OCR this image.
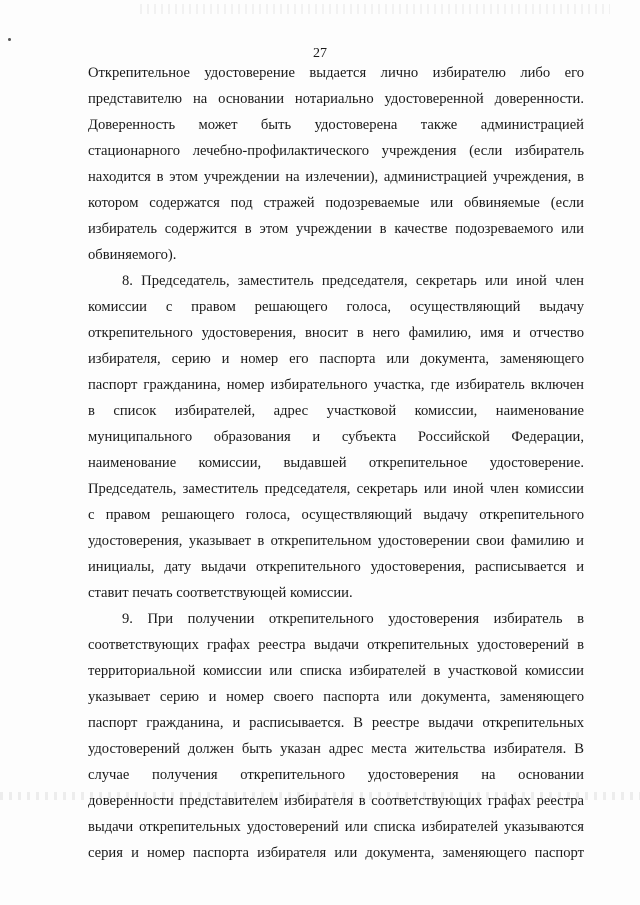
27
Открепительное удостоверение выдается лично избирателю либо его
представителю на основании нотариально удостоверенной доверенности.
Доверенность может быть удостоверена также администрацией
стационарного лечебно-профилактического учреждения (если избиратель
находится в этом учреждении на излечении), администрацией учреждения, в
котором содержатся под стражей подозреваемые или обвиняемые (если
избиратель содержится в этом учреждении в качестве подозреваемого или
обвиняемого).
8. Председатель, заместитель председателя, секретарь или иной член
комиссии с правом решающего голоса, осуществляющий выдачу
открепительного удостоверения, вносит в него фамилию, имя и отчество
избирателя, серию и номер его паспорта или документа, заменяющего
паспорт гражданина, номер избирательного участка, где избиратель включен
в список избирателей, адрес участковой комиссии, наименование
муниципального образования и субъекта Российской Федерации,
наименование комиссии, выдавшей открепительное удостоверение.
Председатель, заместитель председателя, секретарь или иной член комиссии
с правом решающего голоса, осуществляющий выдачу открепительного
удостоверения, указывает в открепительном удостоверении свои фамилию и
инициалы, дату выдачи открепительного удостоверения, расписывается и
ставит печать соответствующей комиссии.
9. При получении открепительного удостоверения избиратель в
соответствующих графах реестра выдачи открепительных удостоверений в
территориальной комиссии или списка избирателей в участковой комиссии
указывает серию и номер своего паспорта или документа, заменяющего
паспорт гражданина, и расписывается. В реестре выдачи открепительных
удостоверений должен быть указан адрес места жительства избирателя. В
случае получения открепительного удостоверения на основании
доверенности представителем избирателя в соответствующих графах реестра
выдачи открепительных удостоверений или списка избирателей указываются
серия и номер паспорта избирателя или документа, заменяющего паспорт
